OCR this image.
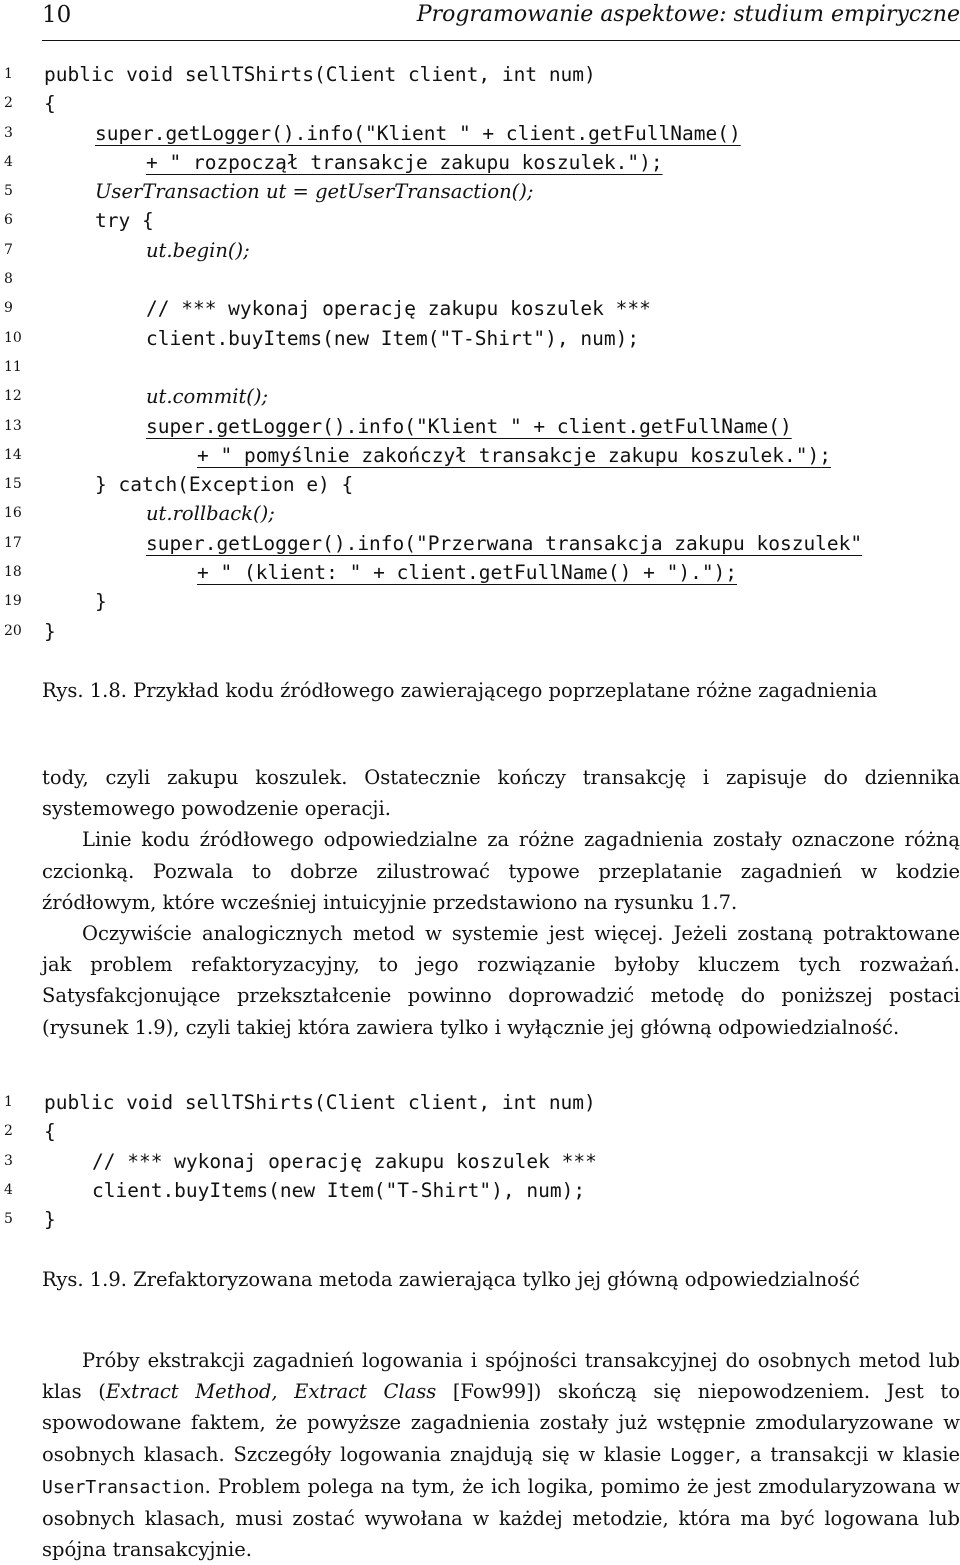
10	Programowanie aspektowe: studium empiryczne
1	public void sellTShirts(Client client, int num)
2	{
3	super.getLogger().info("Klient " + client.getFullName()
4	+ " rozpoczął transakcje zakupu koszulek.");
5	UserTransaction ut = getUserTransaction();
6	try {
7	ut.begin();
8
9	// *** wykonaj operację zakupu koszulek ***
10	client.buyItems(new Item("T-Shirt"), num);
11
12	ut.commit();
13	super.getLogger().info("Klient " + client.getFullName()
14	+ " pomyślnie zakończył transakcje zakupu koszulek.");
15	} catch(Exception e) {
16	ut.rollback();
17	super.getLogger().info("Przerwana transakcja zakupu koszulek"
18	+ " (klient: " + client.getFullName() + ").");
19	}
20 }
Rys. 1.8. Przykład kodu źródłowego zawierającego poprzeplatane różne zagadnienia

tody, czyli zakupu koszulek. Ostatecznie kończy transakcję i zapisuje do dziennika systemowego powodzenie operacji.

Linie kodu źródłowego odpowiedzialne za różne zagadnienia zostały oznaczone różną czcionką. Pozwala to dobrze zilustrować typowe przeplatanie zagadnień w kodzie źródłowym, które wcześniej intuicyjnie przedstawiono na rysunku 1.7.

Oczywiście analogicznych metod w systemie jest więcej. Jeżeli zostaną potraktowane jak problem refaktoryzacyjny, to jego rozwiązanie byłoby kluczem tych rozważań. Satysfakcjonujące przekształcenie powinno doprowadzić metodę do poniższej postaci (rysunek 1.9), czyli takiej która zawiera tylko i wyłącznie jej główną odpowiedzialność.

1	public void sellTShirts(Client client, int num)
2	{
3	// *** wykonaj operację zakupu koszulek ***
4	client.buyItems(new Item("T-Shirt"), num);
5	}
Rys. 1.9. Zrefaktoryzowana metoda zawierająca tylko jej główną odpowiedzialność

Próby ekstrakcji zagadnień logowania i spójności transakcyjnej do osobnych metod lub klas (Extract Method, Extract Class [Fow99]) skończą się niepowodzeniem. Jest to spowodowane faktem, że powyższe zagadnienia zostały już wstępnie zmodularyzowane w osobnych klasach. Szczegóły logowania znajdują się w klasie Logger, a transakcji w klasie UserTransaction. Problem polega na tym, że ich logika, pomimo że jest zmodularyzowana w osobnych klasach, musi zostać wywołana w każdej metodzie, która ma być logowana lub spójna transakcyjnie.
